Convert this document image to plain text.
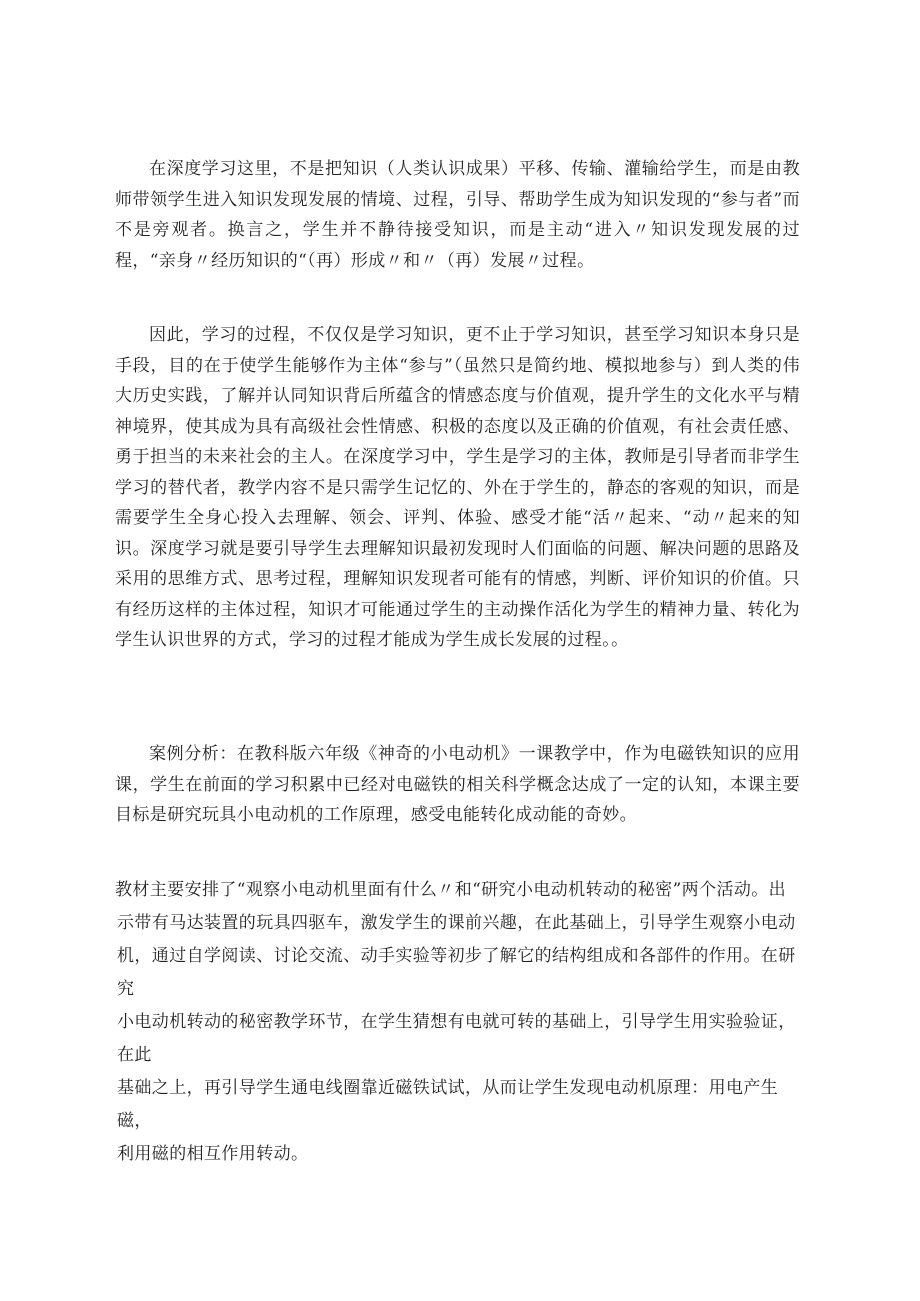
在深度学习这里，不是把知识（人类认识成果）平移、传输、灌输给学生，而是由教师带领学生进入知识发现发展的情境、过程，引导、帮助学生成为知识发现的“参与者”而不是旁观者。换言之，学生并不静待接受知识，而是主动“进入〃知识发现发展的过程，“亲身〃经历知识的“（再）形成〃和〃（再）发展〃过程。

因此，学习的过程，不仅仅是学习知识，更不止于学习知识，甚至学习知识本身只是手段，目的在于使学生能够作为主体“参与”（虽然只是简约地、模拟地参与）到人类的伟大历史实践，了解并认同知识背后所蕴含的情感态度与价值观，提升学生的文化水平与精神境界，使其成为具有高级社会性情感、积极的态度以及正确的价值观，有社会责任感、勇于担当的未来社会的主人。在深度学习中，学生是学习的主体，教师是引导者而非学生学习的替代者，教学内容不是只需学生记忆的、外在于学生的，静态的客观的知识，而是需要学生全身心投入去理解、领会、评判、体验、感受才能“活〃起来、“动〃起来的知识。深度学习就是要引导学生去理解知识最初发现时人们面临的问题、解决问题的思路及采用的思维方式、思考过程，理解知识发现者可能有的情感，判断、评价知识的价值。只有经历这样的主体过程，知识才可能通过学生的主动操作活化为学生的精神力量、转化为学生认识世界的方式，学习的过程才能成为学生成长发展的过程。。

案例分析：在教科版六年级《神奇的小电动机》一课教学中，作为电磁铁知识的应用课，学生在前面的学习积累中已经对电磁铁的相关科学概念达成了一定的认知，本课主要目标是研究玩具小电动机的工作原理，感受电能转化成动能的奇妙。

教材主要安排了“观察小电动机里面有什么〃和“研究小电动机转动的秘密”两个活动。出
示带有马达装置的玩具四驱车，激发学生的课前兴趣，在此基础上，引导学生观察小电动
机，通过自学阅读、讨论交流、动手实验等初步了解它的结构组成和各部件的作用。在研究
小电动机转动的秘密教学环节，在学生猜想有电就可转的基础上，引导学生用实验验证，在此
基础之上，再引导学生通电线圈靠近磁铁试试，从而让学生发现电动机原理：用电产生磁，
利用磁的相互作用转动。
